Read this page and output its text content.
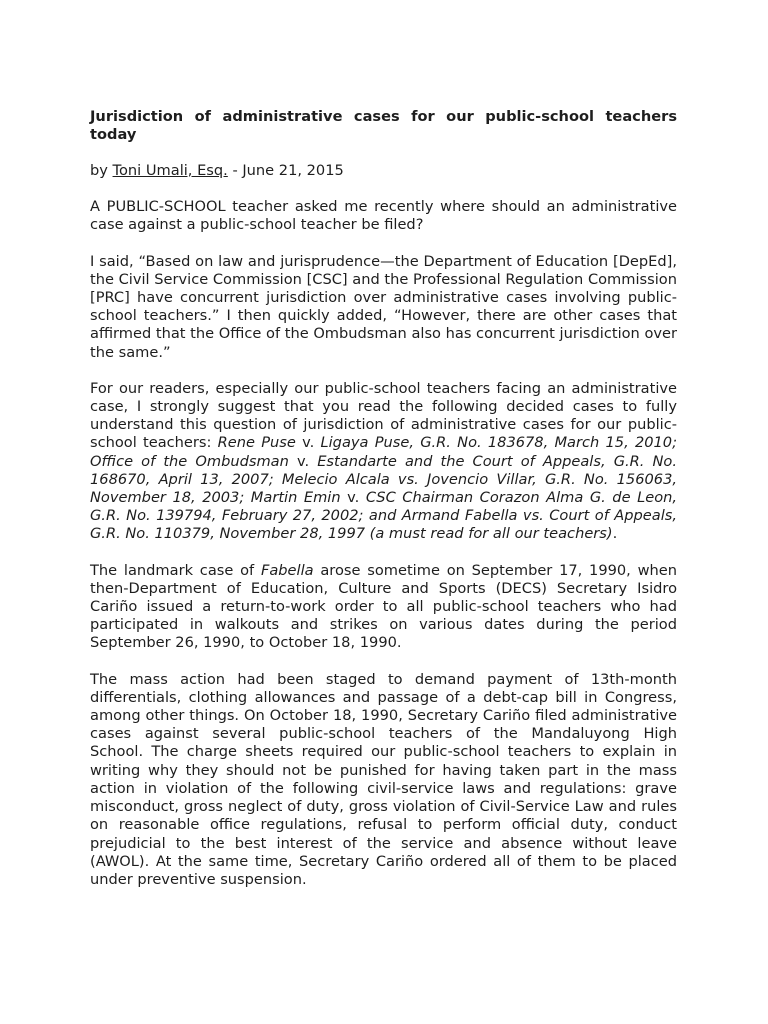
Jurisdiction of administrative cases for our public-school teachers today
by Toni Umali, Esq. - June 21, 2015

A PUBLIC-SCHOOL teacher asked me recently where should an administrative case against a public-school teacher be filed?

I said, “Based on law and jurisprudence—the Department of Education [DepEd], the Civil Service Commission [CSC] and the Professional Regulation Commission [PRC] have concurrent jurisdiction over administrative cases involving public-school teachers.” I then quickly added, “However, there are other cases that affirmed that the Office of the Ombudsman also has concurrent jurisdiction over the same.”

For our readers, especially our public-school teachers facing an administrative case, I strongly suggest that you read the following decided cases to fully understand this question of jurisdiction of administrative cases for our public-school teachers: Rene Puse v. Ligaya Puse, G.R. No. 183678, March 15, 2010; Office of the Ombudsman v. Estandarte and the Court of Appeals, G.R. No. 168670, April 13, 2007; Melecio Alcala vs. Jovencio Villar, G.R. No. 156063, November 18, 2003; Martin Emin v. CSC Chairman Corazon Alma G. de Leon, G.R. No. 139794, February 27, 2002; and Armand Fabella vs. Court of Appeals, G.R. No. 110379, November 28, 1997 (a must read for all our teachers).

The landmark case of Fabella arose sometime on September 17, 1990, when then-Department of Education, Culture and Sports (DECS) Secretary Isidro Cariño issued a return-to-work order to all public-school teachers who had participated in walkouts and strikes on various dates during the period September 26, 1990, to October 18, 1990.

The mass action had been staged to demand payment of 13th-month differentials, clothing allowances and passage of a debt-cap bill in Congress, among other things. On October 18, 1990, Secretary Cariño filed administrative cases against several public-school teachers of the Mandaluyong High School. The charge sheets required our public-school teachers to explain in writing why they should not be punished for having taken part in the mass action in violation of the following civil-service laws and regulations: grave misconduct, gross neglect of duty, gross violation of Civil-Service Law and rules on reasonable office regulations, refusal to perform official duty, conduct prejudicial to the best interest of the service and absence without leave (AWOL). At the same time, Secretary Cariño ordered all of them to be placed under preventive suspension.
